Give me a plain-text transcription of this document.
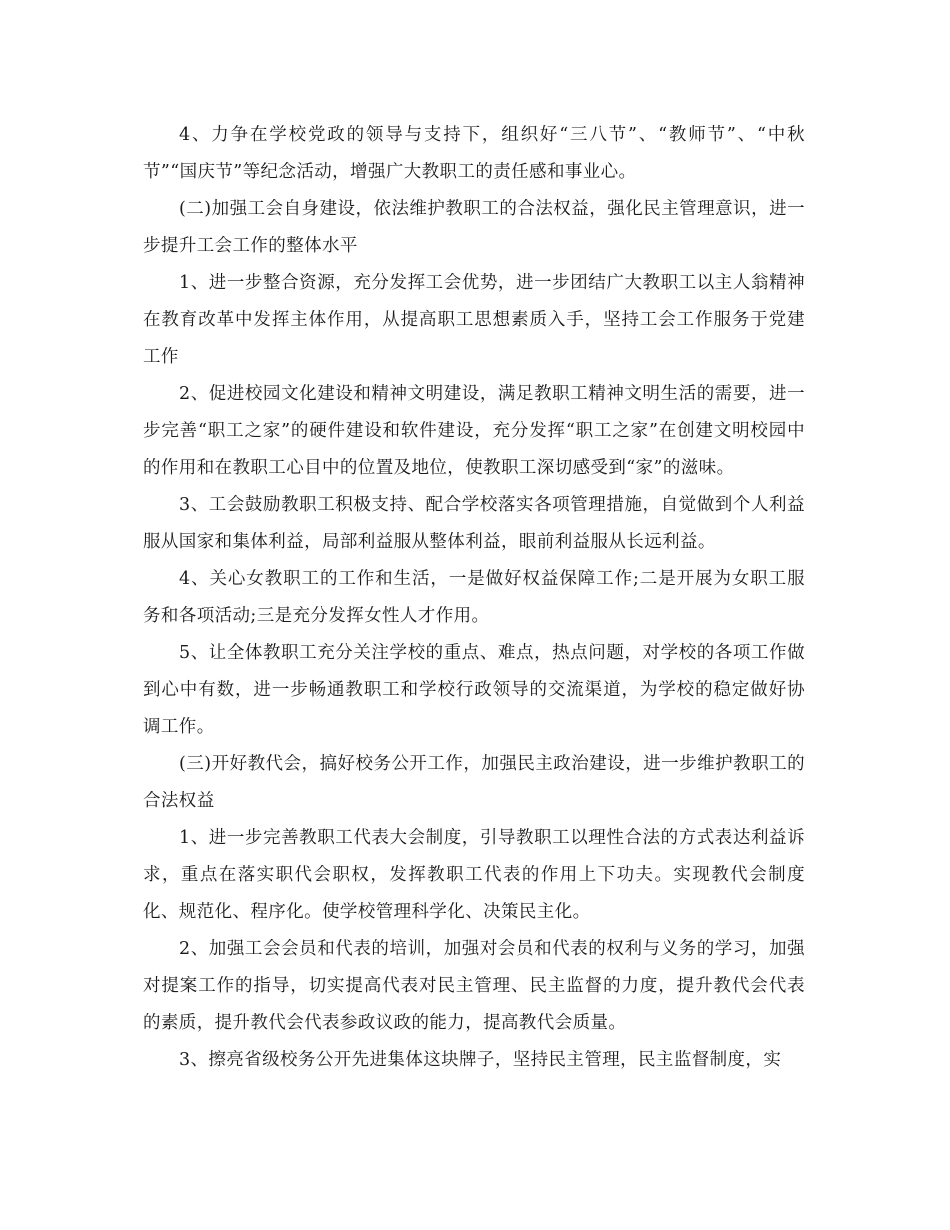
4、力争在学校党政的领导与支持下，组织好“三八节”、“教师节”、“中秋节”“国庆节”等纪念活动，增强广大教职工的责任感和事业心。

(二)加强工会自身建设，依法维护教职工的合法权益，强化民主管理意识，进一步提升工会工作的整体水平

1、进一步整合资源，充分发挥工会优势，进一步团结广大教职工以主人翁精神在教育改革中发挥主体作用，从提高职工思想素质入手，坚持工会工作服务于党建工作

2、促进校园文化建设和精神文明建设，满足教职工精神文明生活的需要，进一步完善“职工之家”的硬件建设和软件建设，充分发挥“职工之家”在创建文明校园中的作用和在教职工心目中的位置及地位，使教职工深切感受到“家”的滋味。

3、工会鼓励教职工积极支持、配合学校落实各项管理措施，自觉做到个人利益服从国家和集体利益，局部利益服从整体利益，眼前利益服从长远利益。

4、关心女教职工的工作和生活，一是做好权益保障工作;二是开展为女职工服务和各项活动;三是充分发挥女性人才作用。

5、让全体教职工充分关注学校的重点、难点，热点问题，对学校的各项工作做到心中有数，进一步畅通教职工和学校行政领导的交流渠道，为学校的稳定做好协调工作。

(三)开好教代会，搞好校务公开工作，加强民主政治建设，进一步维护教职工的合法权益

1、进一步完善教职工代表大会制度，引导教职工以理性合法的方式表达利益诉求，重点在落实职代会职权，发挥教职工代表的作用上下功夫。实现教代会制度化、规范化、程序化。使学校管理科学化、决策民主化。

2、加强工会会员和代表的培训，加强对会员和代表的权利与义务的学习，加强对提案工作的指导，切实提高代表对民主管理、民主监督的力度，提升教代会代表的素质，提升教代会代表参政议政的能力，提高教代会质量。

3、擦亮省级校务公开先进集体这块牌子，坚持民主管理，民主监督制度，实
